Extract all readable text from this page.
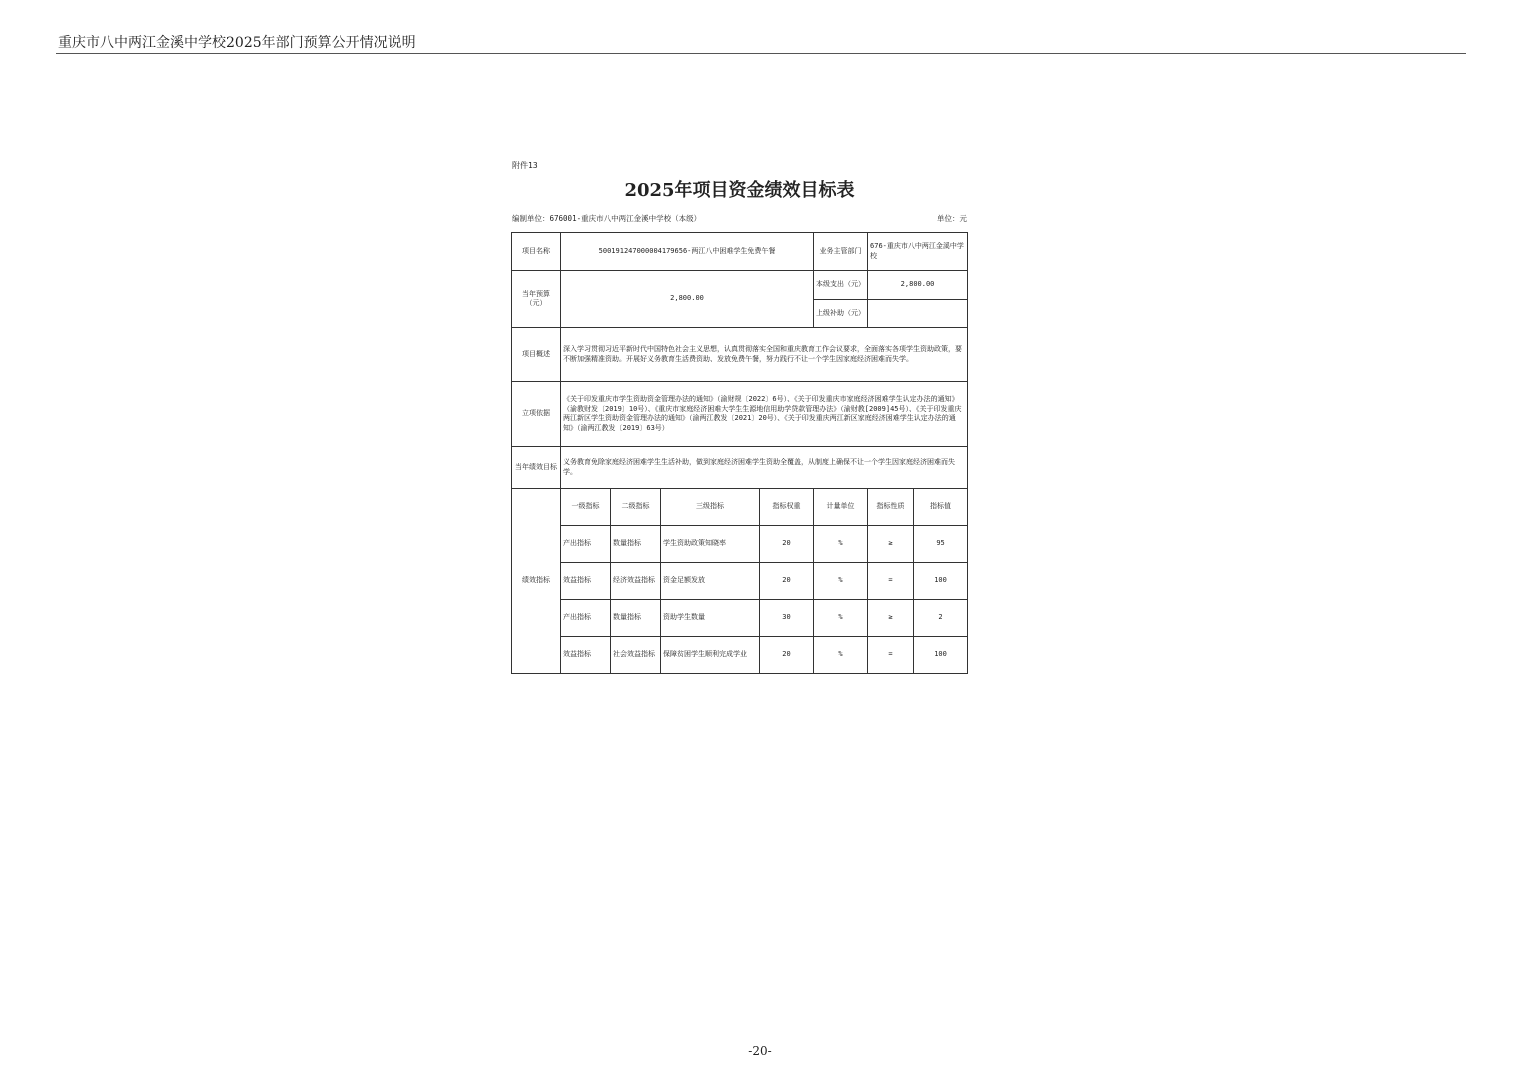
重庆市八中两江金溪中学校2025年部门预算公开情况说明
附件13
2025年项目资金绩效目标表
编制单位：676001-重庆市八中两江金溪中学校（本级）	单位：元
项目名称	500191247000004179656-两江八中困难学生免费午餐				业务主管部门	676-重庆市八中两江金溪中学校	
当年预算（元）	2,800.00				本级支出（元）	2,800.00	
					上级补助（元）		
项目概述	深入学习贯彻习近平新时代中国特色社会主义思想，认真贯彻落实全国和重庆教育工作会议要求，全面落实各项学生资助政策，要不断加强精准资助。开展好义务教育生活费资助、发放免费午餐，努力践行不让一个学生因家庭经济困难而失学。						
立项依据	《关于印发重庆市学生资助资金管理办法的通知》（渝财规〔2022〕6号）、《关于印发重庆市家庭经济困难学生认定办法的通知》（渝教财发〔2019〕10号）、《重庆市家庭经济困难大学生生源地信用助学贷款管理办法》（渝财教[2009]45号）、《关于印发重庆两江新区学生资助资金管理办法的通知》（渝两江教发〔2021〕20号）、《关于印发重庆两江新区家庭经济困难学生认定办法的通知》（渝两江教发〔2019〕63号）						
当年绩效目标	义务教育免除家庭经济困难学生生活补助，做到家庭经济困难学生资助全覆盖，从制度上确保不让一个学生因家庭经济困难而失学。						
绩效指标	一级指标	二级指标	三级指标	指标权重	计量单位	指标性质	指标值
	产出指标	数量指标	学生资助政策知晓率	20	%	≥	95
	效益指标	经济效益指标	资金足额发放	20	%	=	100
	产出指标	数量指标	资助学生数量	30	%	≥	2
	效益指标	社会效益指标	保障贫困学生顺利完成学业	20	%	=	100
-20-
